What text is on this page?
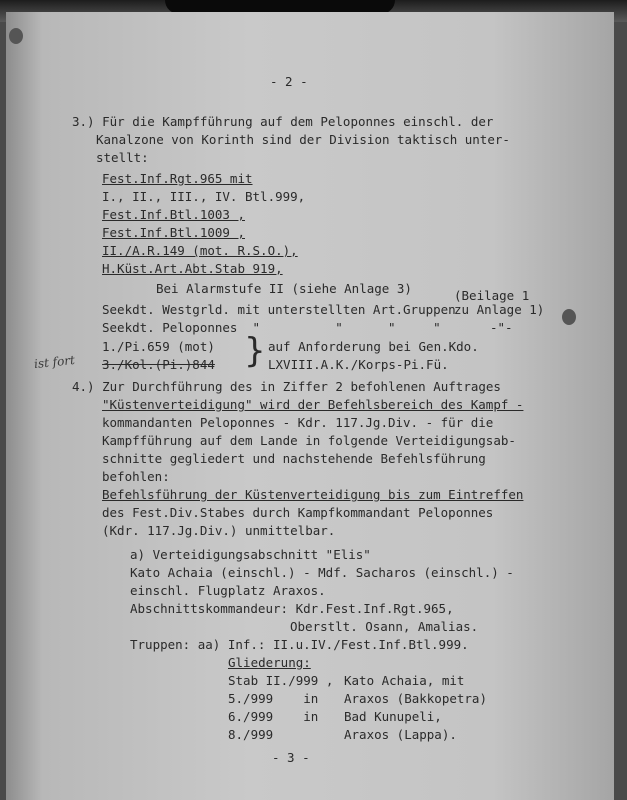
- 2 -
3.) Für die Kampfführung auf dem Peloponnes einschl. der
Kanalzone von Korinth sind der Division taktisch unter-
stellt:
Fest.Inf.Rgt.965 mit
I., II., III., IV. Btl.999,
Fest.Inf.Btl.1003 ,
Fest.Inf.Btl.1009 ,
II./A.R.149 (mot. R.S.O.),
H.Küst.Art.Abt.Stab 919,
Bei Alarmstufe II (siehe Anlage 3)
Seekdt. Westgrld. mit unterstellten Art.Gruppen
Seekdt. Peloponnes  "          "      "     "
(Beilage 1
zu Anlage 1)
-"-
1./Pi.659 (mot)
3./Kol.(Pi.)844 } auf Anforderung bei Gen.Kdo.
LXVIII.A.K./Korps-Pi.Fü.
ist fort
4.) Zur Durchführung des in Ziffer 2 befohlenen Auftrages
"Küstenverteidigung" wird der Befehlsbereich des Kampf -
kommandanten Peloponnes - Kdr. 117.Jg.Div. - für die
Kampfführung auf dem Lande in folgende Verteidigungsab-
schnitte gegliedert und nachstehende Befehlsführung
befohlen:
Befehlsführung der Küstenverteidigung bis zum Eintreffen
des Fest.Div.Stabes durch Kampfkommandant Peloponnes
(Kdr. 117.Jg.Div.) unmittelbar.
a) Verteidigungsabschnitt "Elis"
Kato Achaia (einschl.) - Mdf. Sacharos (einschl.) -
einschl. Flugplatz Araxos.
Abschnittskommandeur: Kdr.Fest.Inf.Rgt.965,
Oberstlt. Osann, Amalias.
Truppen: aa) Inf.: II.u.IV./Fest.Inf.Btl.999.
Gliederung:
Stab II./999 , Kato Achaia, mit
5./999    in Araxos (Bakkopetra)
6./999    in Bad Kunupeli,
8./999	Araxos (Lappa).
- 3 -
